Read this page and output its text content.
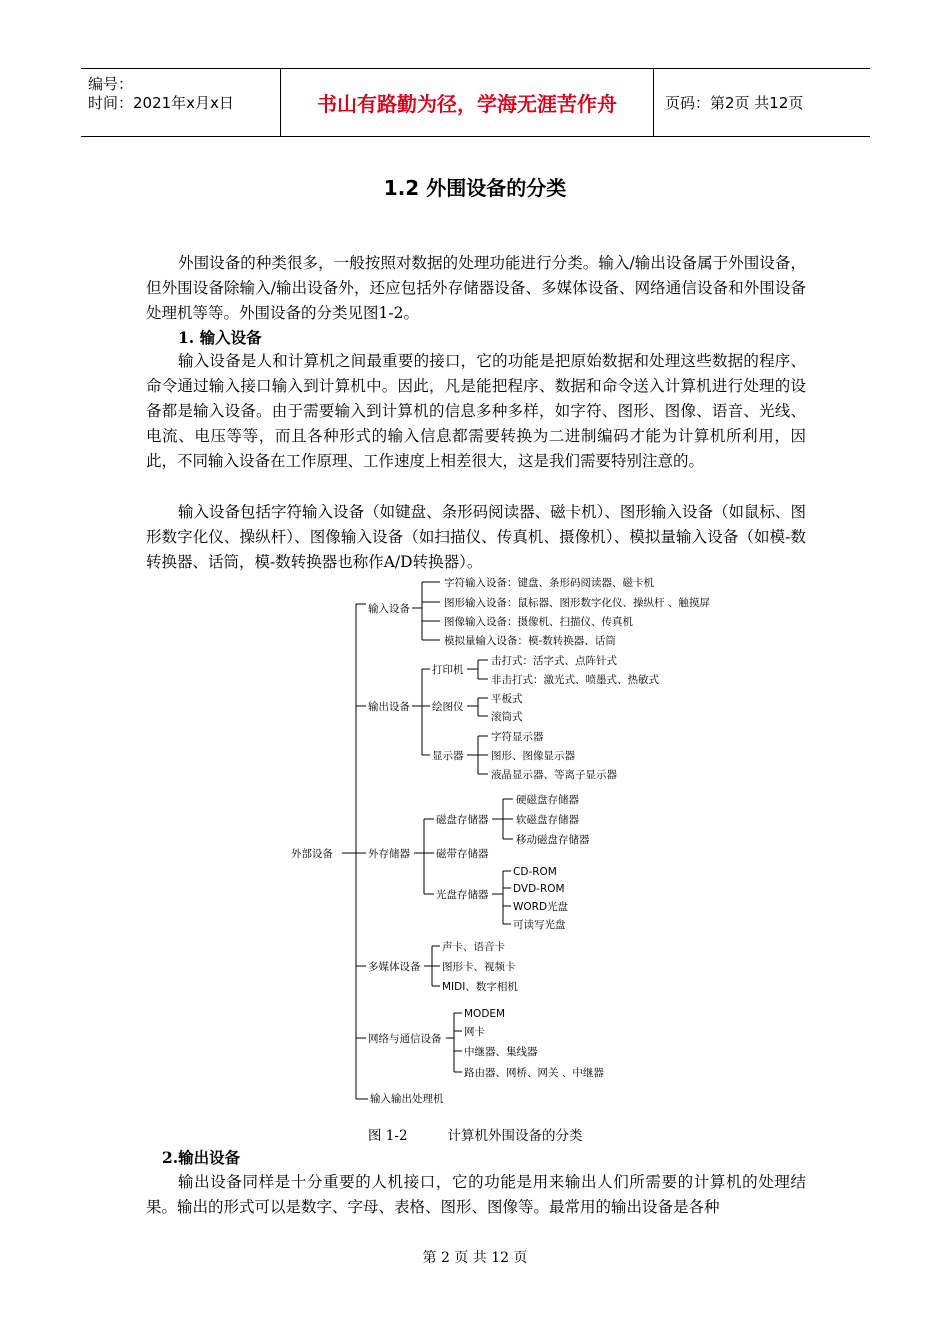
编号：
时间：2021年x月x日	书山有路勤为径，学海无涯苦作舟	页码：第2页 共12页
1.2 外围设备的分类

外围设备的种类很多，一般按照对数据的处理功能进行分类。输入/输出设备属于外围设备，但外围设备除输入/输出设备外，还应包括外存储器设备、多媒体设备、网络通信设备和外围设备处理机等等。外围设备的分类见图1-2。

1. 输入设备

输入设备是人和计算机之间最重要的接口，它的功能是把原始数据和处理这些数据的程序、命令通过输入接口输入到计算机中。因此，凡是能把程序、数据和命令送入计算机进行处理的设备都是输入设备。由于需要输入到计算机的信息多种多样，如字符、图形、图像、语音、光线、电流、电压等等，而且各种形式的输入信息都需要转换为二进制编码才能为计算机所利用，因此，不同输入设备在工作原理、工作速度上相差很大，这是我们需要特别注意的。

输入设备包括字符输入设备（如键盘、条形码阅读器、磁卡机）、图形输入设备（如鼠标、图形数字化仪、操纵杆）、图像输入设备（如扫描仪、传真机、摄像机）、模拟量输入设备（如模-数转换器、话筒，模-数转换器也称作A/D转换器）。

外部设备
输入设备
字符输入设备：键盘、条形码阅读器、磁卡机
图形输入设备：鼠标器、图形数字化仪、操纵杆 、触摸屏
图像输入设备：摄像机、扫描仪、传真机
模拟量输入设备：模-数转换器、话筒
输出设备
打印机
绘图仪
显示器
击打式：活字式、点阵针式
非击打式：激光式、喷墨式、热敏式
平板式
滚筒式
字符显示器
图形、图像显示器
液晶显示器、等离子显示器
外存储器
磁盘存储器
磁带存储器
光盘存储器
硬磁盘存储器
软磁盘存储器
移动磁盘存储器
CD-ROM
DVD-ROM
WORD光盘
可读写光盘
多媒体设备
声卡、语音卡
图形卡、视频卡
MIDI、数字相机
网络与通信设备
MODEM
网卡
中继器、集线器
路由器、网桥、网关 、中继器
输入输出处理机
图 1-2	计算机外围设备的分类
2.输出设备

输出设备同样是十分重要的人机接口，它的功能是用来输出人们所需要的计算机的处理结果。输出的形式可以是数字、字母、表格、图形、图像等。最常用的输出设备是各种

第 2 页 共 12 页
